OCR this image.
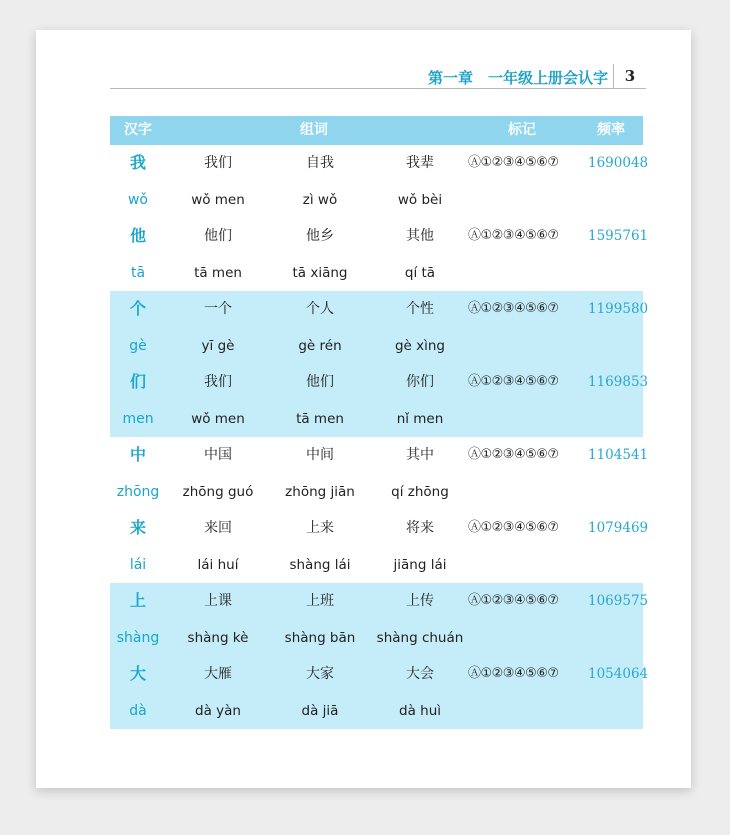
第一章　一年级上册会认字	3
汉字	组词	标记	频率
我	我们	自我	我辈	Ⓐ①②③④⑤⑥⑦ 1690048
wǒ	wǒ men	zì wǒ	wǒ bèi
他	他们	他乡	其他	Ⓐ①②③④⑤⑥⑦ 1595761
tā	tā men	tā xiāng	qí tā
个	一个	个人	个性	Ⓐ①②③④⑤⑥⑦ 1199580
gè	yī gè	gè rén	gè xìng
们	我们	他们	你们	Ⓐ①②③④⑤⑥⑦ 1169853
men	wǒ men	tā men	nǐ men
中	中国	中间	其中	Ⓐ①②③④⑤⑥⑦ 1104541
zhōng	zhōng guó	zhōng jiān	qí zhōng
来	来回	上来	将来	Ⓐ①②③④⑤⑥⑦ 1079469
lái	lái huí	shàng lái	jiāng lái
上	上课	上班	上传	Ⓐ①②③④⑤⑥⑦ 1069575
shàng	shàng kè	shàng bān	shàng chuán
大	大雁	大家	大会	Ⓐ①②③④⑤⑥⑦ 1054064
dà	dà yàn	dà jiā	dà huì
